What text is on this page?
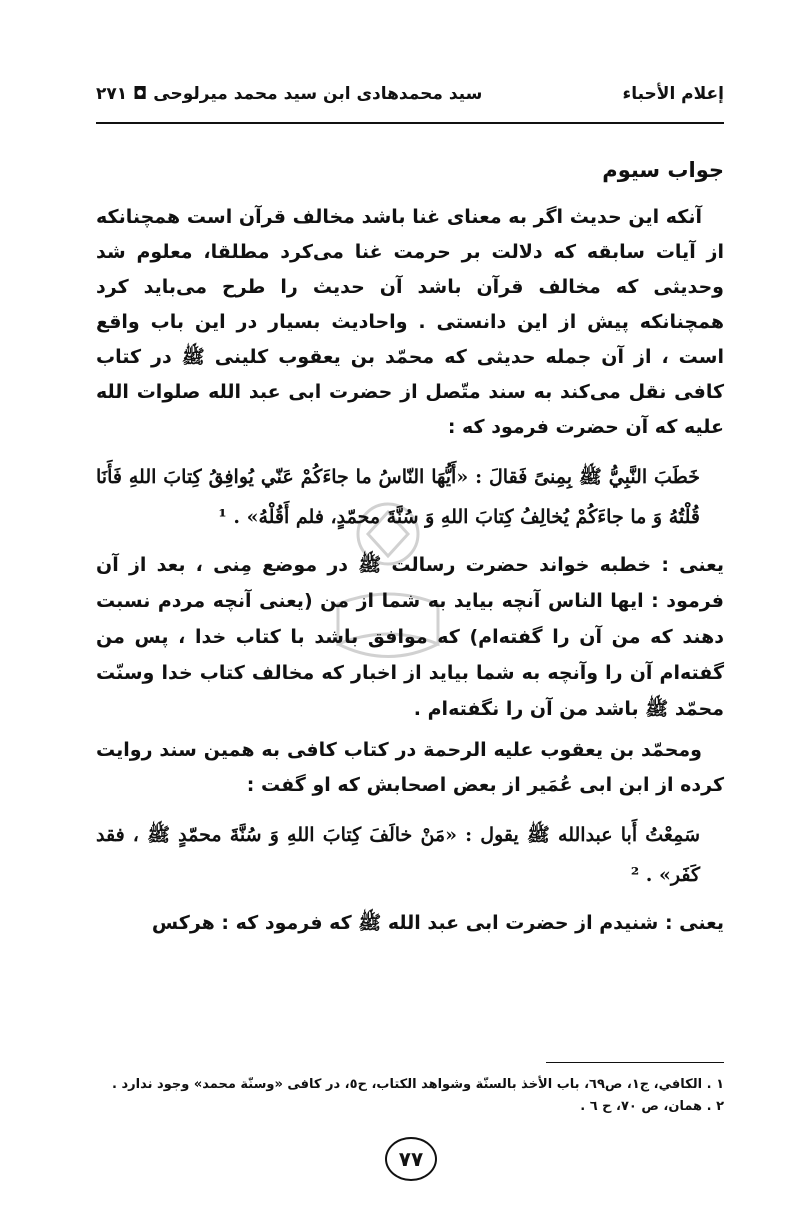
سيد محمدهادى ابن سيد محمد ميرلوحى ◘ ٢٧١	إعلام الأحباء
جواب سيوم

آنكه اين حديث اگر به معناى غنا باشد مخالف قرآن است همچنانكه از آيات سابقه كه دلالت بر حرمت غنا مى‌كرد مطلقا، معلوم شد وحديثى كه مخالف قرآن باشد آن حديث را طرح مى‌بايد كرد همچنانكه پيش از اين دانستى . واحاديث بسيار در اين باب واقع است ، از آن جمله حديثى كه محمّد بن يعقوب كلينى ﷺ در كتاب كافى نقل مى‌كند به سند متّصل از حضرت ابى عبد الله صلوات الله عليه كه آن حضرت فرمود كه :

خَطَبَ النَّبِيُّ ﷺ بِمِنىً فَقالَ : «أَيُّهَا النّاسُ ما جاءَكُمْ عَنّي يُوافِقُ كِتابَ اللهِ فَأَنَا قُلْتُهُ وَ ما جاءَكُمْ يُخالِفُ كِتابَ اللهِ وَ سُنَّةَ محمّدٍ، فلم أَقُلْهُ» . ¹

يعنى : خطبه خواند حضرت رسالت ﷺ در موضع مِنى ، بعد از آن فرمود : ايها الناس آنچه بيايد به شما از من (يعنى آنچه مردم نسبت دهند كه من آن را گفته‌ام) كه موافق باشد با كتاب خدا ، پس من گفته‌ام آن را وآنچه به شما بيايد از اخبار كه مخالف كتاب خدا وسنّت محمّد ﷺ باشد من آن را نگفته‌ام .

ومحمّد بن يعقوب عليه الرحمة در كتاب كافى به همين سند روايت كرده از ابن ابى عُمَير از بعض اصحابش كه او گفت :

سَمِعْتُ أَبا عبدالله ﷺ يقول : «مَنْ خالَفَ كِتابَ اللهِ وَ سُنَّةَ محمّدٍ ﷺ ، فقد كَفَر» . ²

يعنى : شنيدم از حضرت ابى عبد الله ﷺ كه فرمود كه : هركس

١ . الكافي، ج١، ص٦٩، باب الأخذ بالسنّة وشواهد الكتاب، ح٥، در كافى «وسنّة محمد» وجود ندارد .
٢ . همان، ص ٧٠، ح ٦ .
٧٧
